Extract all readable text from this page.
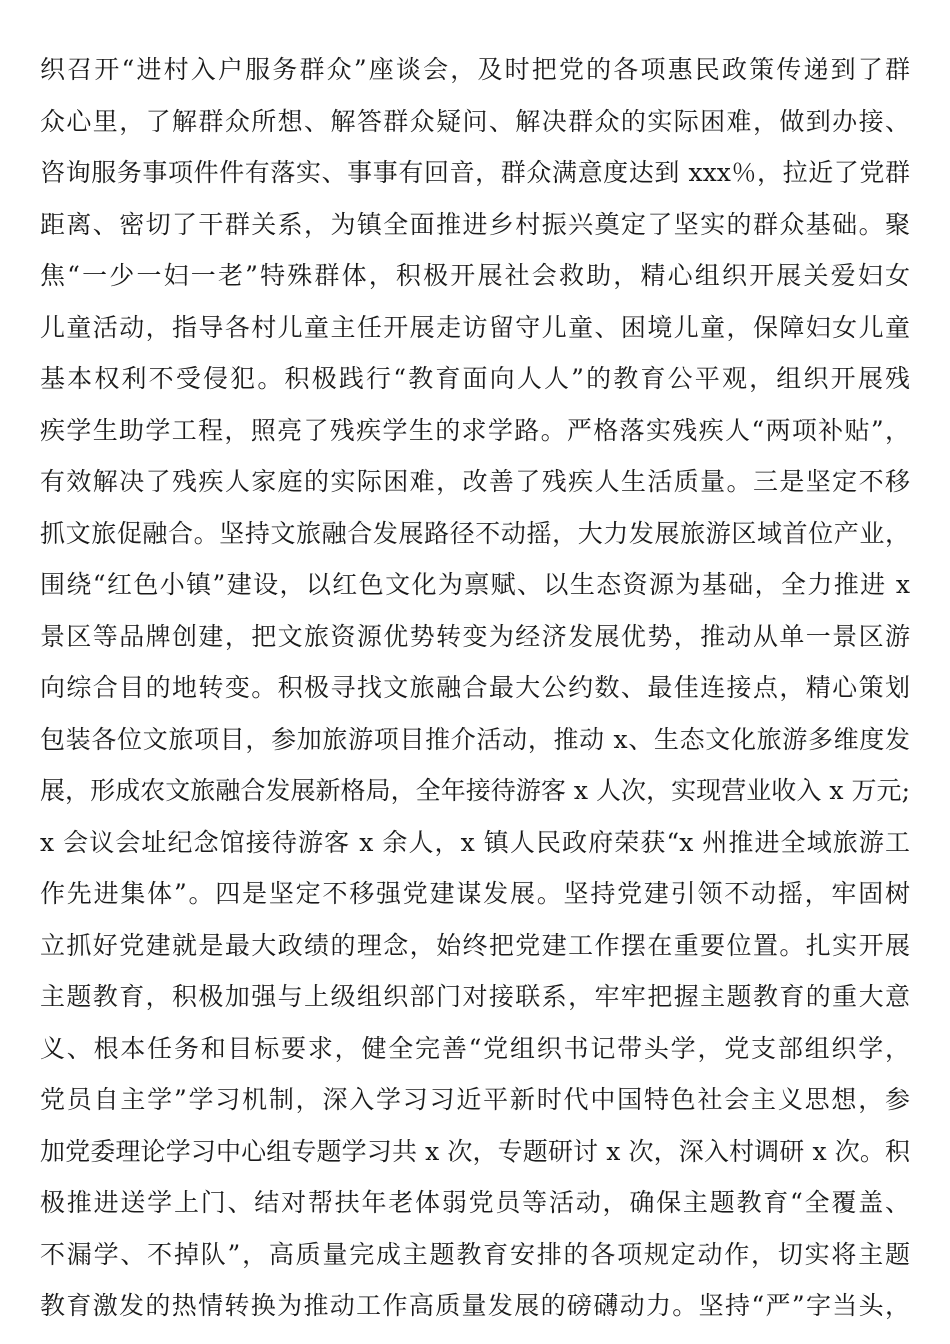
织召开“进村入户服务群众”座谈会，及时把党的各项惠民政策传递到了群
众心里，了解群众所想、解答群众疑问、解决群众的实际困难，做到办接、
咨询服务事项件件有落实、事事有回音，群众满意度达到 xxx％，拉近了党群
距离、密切了干群关系，为镇全面推进乡村振兴奠定了坚实的群众基础。聚
焦“一少一妇一老”特殊群体，积极开展社会救助，精心组织开展关爱妇女
儿童活动，指导各村儿童主任开展走访留守儿童、困境儿童，保障妇女儿童
基本权利不受侵犯。积极践行“教育面向人人”的教育公平观，组织开展残
疾学生助学工程，照亮了残疾学生的求学路。严格落实残疾人“两项补贴”，
有效解决了残疾人家庭的实际困难，改善了残疾人生活质量。三是坚定不移
抓文旅促融合。坚持文旅融合发展路径不动摇，大力发展旅游区域首位产业，
围绕“红色小镇”建设，以红色文化为禀赋、以生态资源为基础，全力推进 x
景区等品牌创建，把文旅资源优势转变为经济发展优势，推动从单一景区游
向综合目的地转变。积极寻找文旅融合最大公约数、最佳连接点，精心策划
包装各位文旅项目，参加旅游项目推介活动，推动 x、生态文化旅游多维度发
展，形成农文旅融合发展新格局，全年接待游客 x 人次，实现营业收入 x 万元;
x 会议会址纪念馆接待游客 x 余人，x 镇人民政府荣获“x 州推进全域旅游工
作先进集体”。四是坚定不移强党建谋发展。坚持党建引领不动摇，牢固树
立抓好党建就是最大政绩的理念，始终把党建工作摆在重要位置。扎实开展
主题教育，积极加强与上级组织部门对接联系，牢牢把握主题教育的重大意
义、根本任务和目标要求，健全完善“党组织书记带头学，党支部组织学，
党员自主学”学习机制，深入学习习近平新时代中国特色社会主义思想，参
加党委理论学习中心组专题学习共 x 次，专题研讨 x 次，深入村调研 x 次。积
极推进送学上门、结对帮扶年老体弱党员等活动，确保主题教育“全覆盖、
不漏学、不掉队”，高质量完成主题教育安排的各项规定动作，切实将主题
教育激发的热情转换为推动工作高质量发展的磅礴动力。坚持“严”字当头，
